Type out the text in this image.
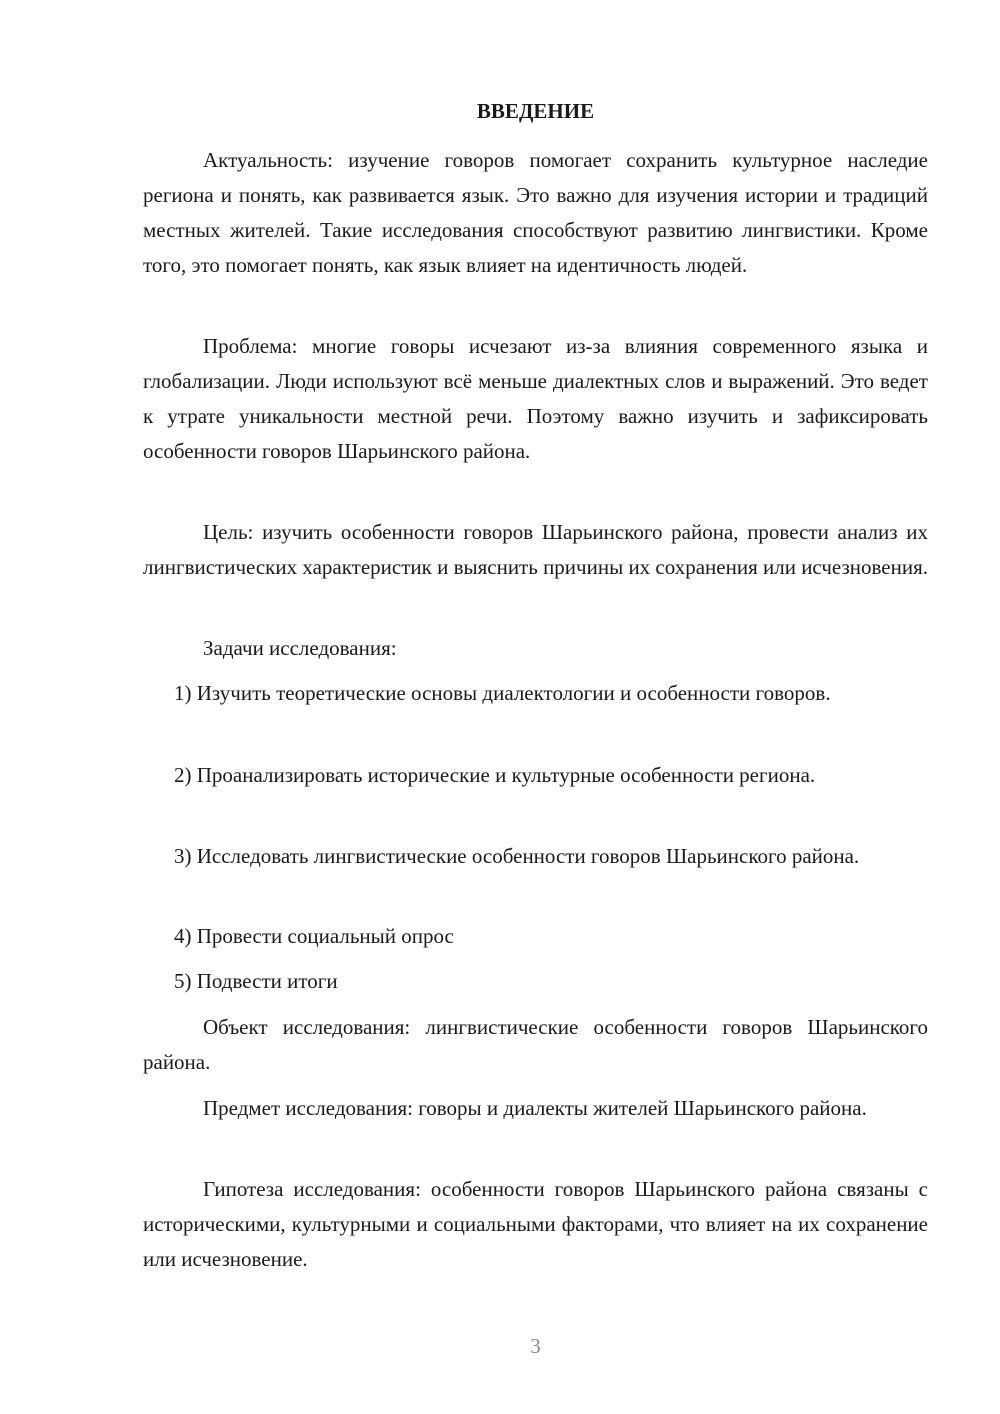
ВВЕДЕНИЕ

Актуальность: изучение говоров помогает сохранить культурное наследие региона и понять, как развивается язык. Это важно для изучения истории и традиций местных жителей. Такие исследования способствуют развитию лингвистики. Кроме того, это помогает понять, как язык влияет на идентичность людей.

Проблема: многие говоры исчезают из-за влияния современного языка и глобализации. Люди используют всё меньше диалектных слов и выражений. Это ведет к утрате уникальности местной речи. Поэтому важно изучить и зафиксировать особенности говоров Шарьинского района.

Цель: изучить особенности говоров Шарьинского района, провести анализ их лингвистических характеристик и выяснить причины их сохранения или исчезновения.

Задачи исследования:

1) Изучить теоретические основы диалектологии и особенности говоров.

2) Проанализировать исторические и культурные особенности региона.

3) Исследовать лингвистические особенности говоров Шарьинского района.

4) Провести социальный опрос

5) Подвести итоги

Объект исследования: лингвистические особенности говоров Шарьинского района.

Предмет исследования: говоры и диалекты жителей Шарьинского района.

Гипотеза исследования: особенности говоров Шарьинского района связаны с историческими, культурными и социальными факторами, что влияет на их сохранение или исчезновение.

3
